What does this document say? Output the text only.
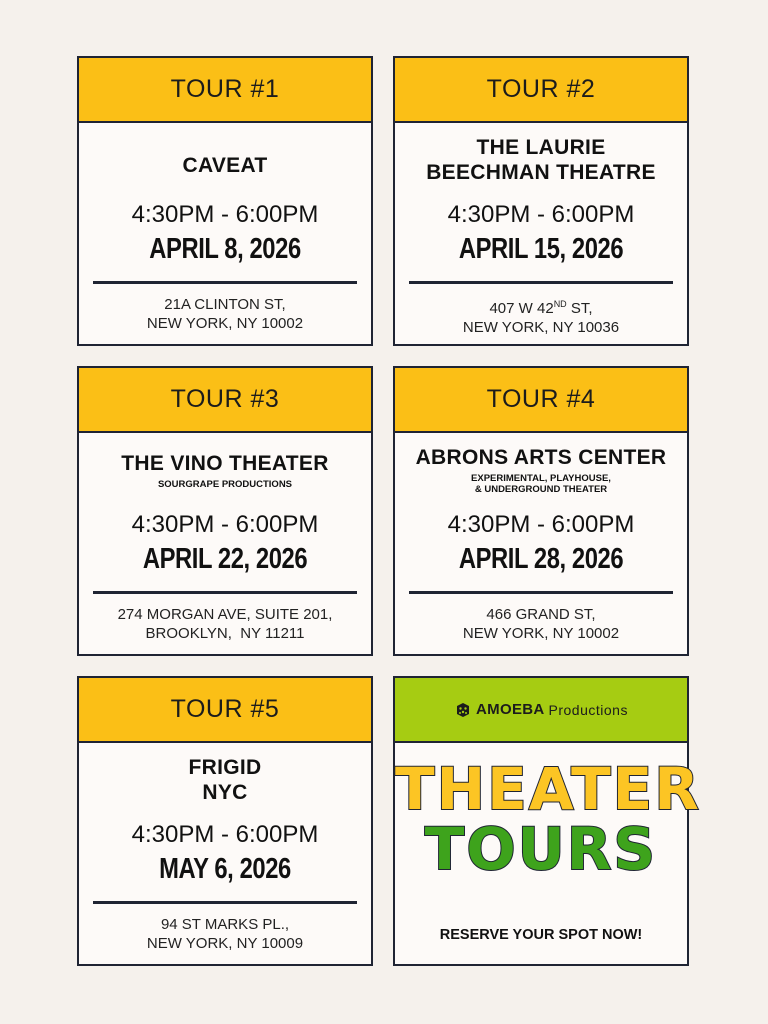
TOUR #1
CAVEAT
4:30PM - 6:00PM
APRIL 8, 2026
21A CLINTON ST,
NEW YORK, NY 10002
TOUR #2
THE LAURIE
BEECHMAN THEATRE
4:30PM - 6:00PM
APRIL 15, 2026
407 W 42ND ST,
NEW YORK, NY 10036
TOUR #3
THE VINO THEATER
SOURGRAPE PRODUCTIONS
4:30PM - 6:00PM
APRIL 22, 2026
274 MORGAN AVE, SUITE 201,
BROOKLYN,  NY 11211
TOUR #4
ABRONS ARTS CENTER
EXPERIMENTAL, PLAYHOUSE,
& UNDERGROUND THEATER
4:30PM - 6:00PM
APRIL 28, 2026
466 GRAND ST,
NEW YORK, NY 10002
TOUR #5
FRIGID
NYC
4:30PM - 6:00PM
MAY 6, 2026
94 ST MARKS PL.,
NEW YORK, NY 10009
AMOEBA Productions
THEATER
TOURS
RESERVE YOUR SPOT NOW!
